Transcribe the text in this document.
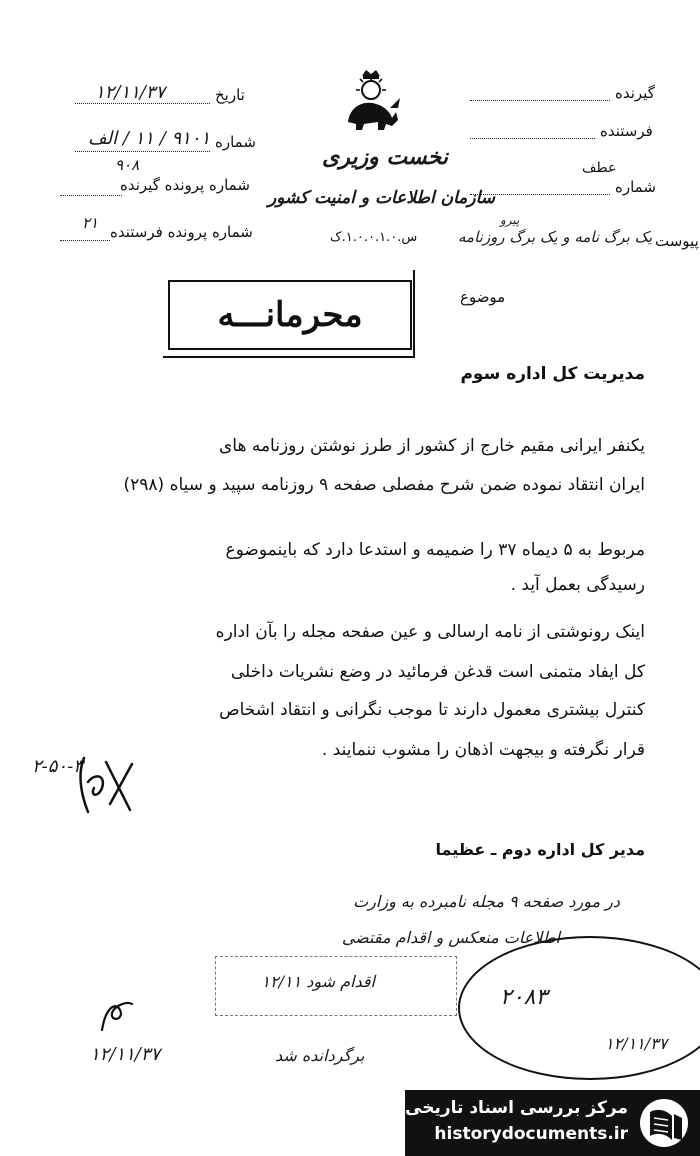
تاریخ
۱۲/۱۱/۳۷
شماره
۹۱۰۱ / ۱۱ / الف
۹۰۸
شماره پرونده گیرنده
شماره پرونده فرستنده
۲۱
نخست وزیری
سازمان اطلاعات و امنیت کشور
گیرنده
فرستنده
عطف
شماره
پیوست
پیرو
یک برگ نامه و یک برگ روزنامه
س.۱.۰.۰.۱.۰.ک
موضوع
محرمانـــه
مدیریت کل اداره سوم
یکنفر ایرانی مقیم خارج از کشور از طرز نوشتن روزنامه های
ایران انتقاد نموده ضمن شرح مفصلی صفحه ۹ روزنامه سپید و سیاه (۲۹۸)
مربوط به ۵ دیماه ۳۷ را ضمیمه و استدعا دارد که باینموضوع
رسیدگی بعمل آید .
اینک رونوشتی از نامه ارسالی و عین صفحه مجله را بآن اداره
کل ایفاد متمنی است قدغن فرمائید در وضع نشریات داخلی
کنترل بیشتری معمول دارند تا موجب نگرانی و انتقاد اشخاص
قرار نگرفته و بیجهت اذهان را مشوب ننمایند .
۲-۵۰-۳
مدیر کل اداره دوم ـ عظیما
در مورد صفحه ۹ مجله نامبرده به وزارت
اطلاعات منعکس و اقدام مقتضی
اقدام شود ۱۲/۱۱
۲۰۸۳
۱۲/۱۱/۳۷
۱۲/۱۱/۳۷	برگردانده شد
مرکز بررسی اسناد تاریخی
historydocuments.ir
